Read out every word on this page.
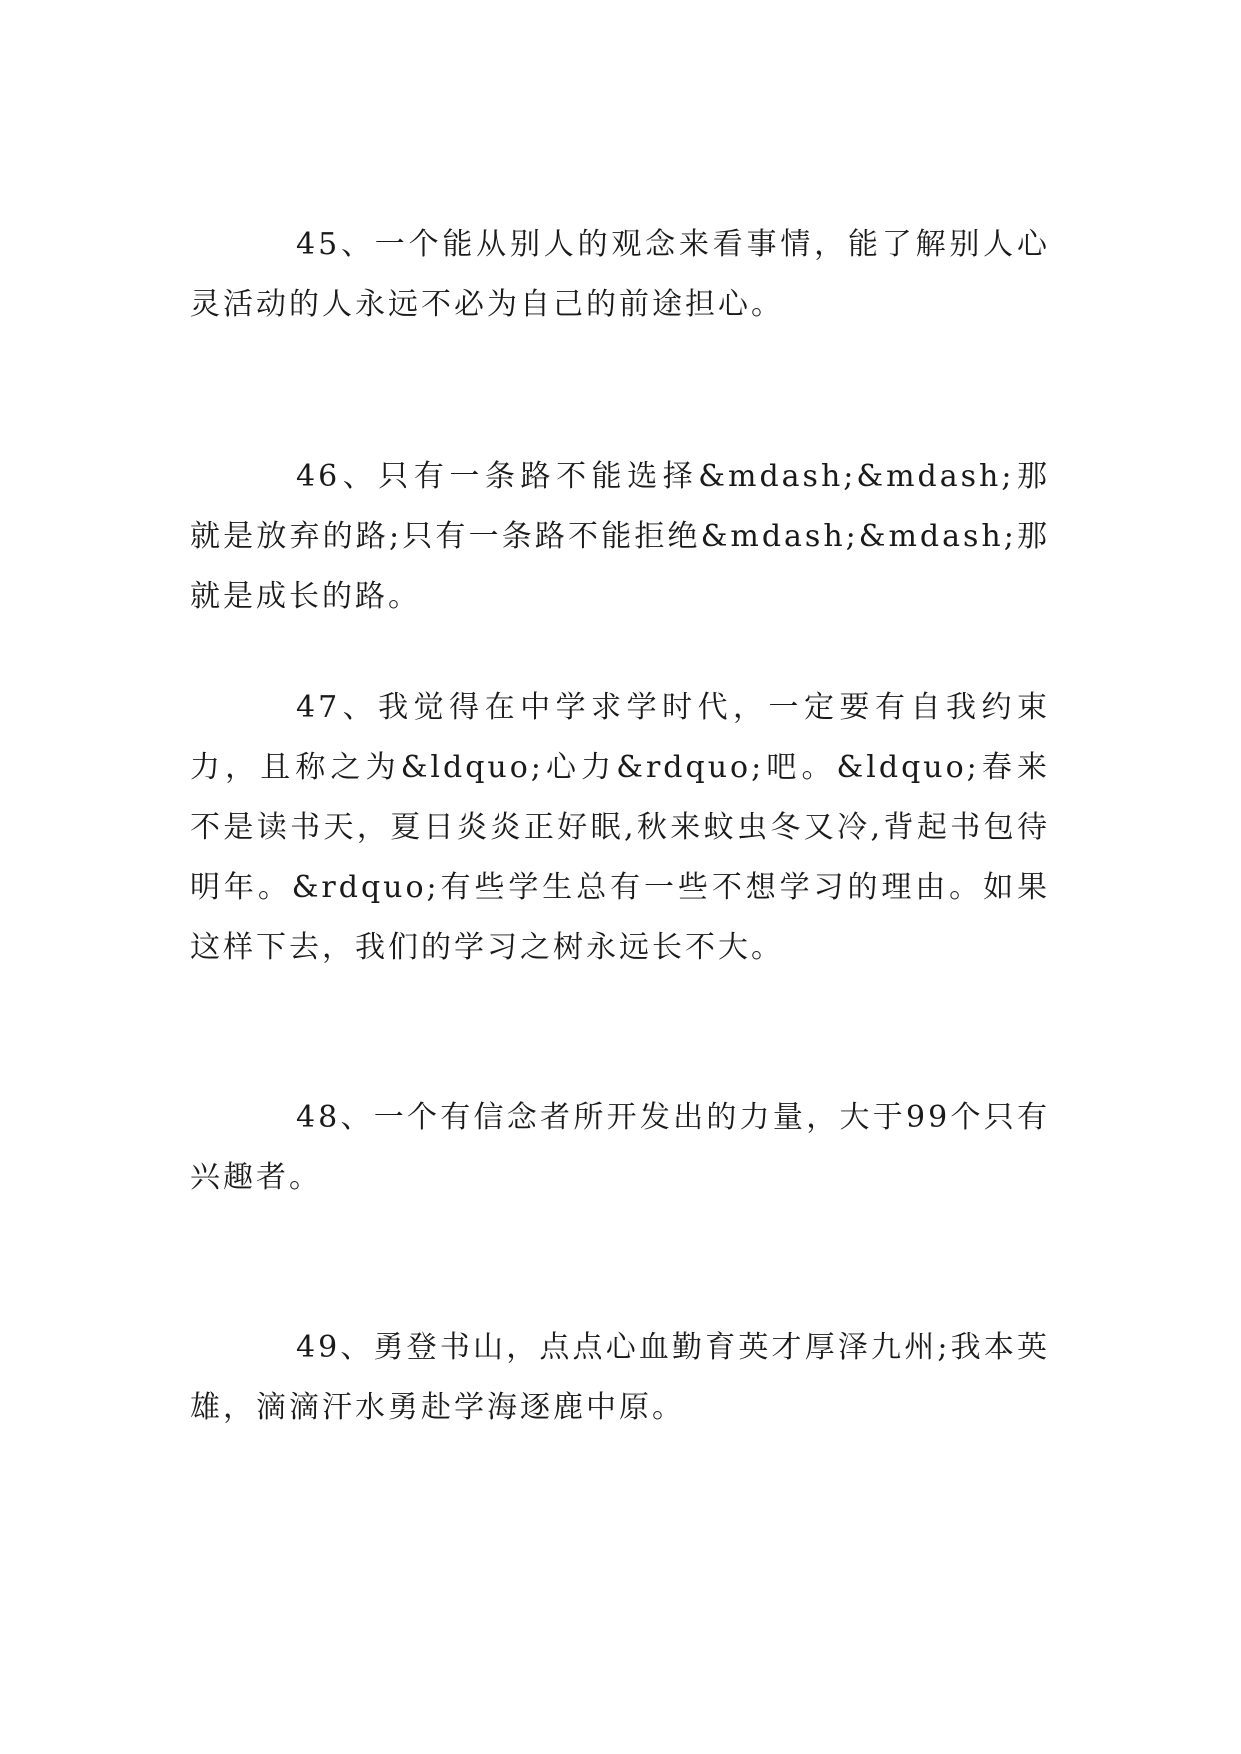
45、一个能从别人的观念来看事情，能了解别人心灵活动的人永远不必为自己的前途担心。

46、只有一条路不能选择&mdash;&mdash;那就是放弃的路;只有一条路不能拒绝&mdash;&mdash;那就是成长的路。

47、我觉得在中学求学时代，一定要有自我约束力，且称之为&ldquo;心力&rdquo;吧。&ldquo;春来不是读书天，夏日炎炎正好眠,秋来蚊虫冬又冷,背起书包待明年。&rdquo;有些学生总有一些不想学习的理由。如果这样下去，我们的学习之树永远长不大。

48、一个有信念者所开发出的力量，大于99个只有兴趣者。

49、勇登书山，点点心血勤育英才厚泽九州;我本英雄，滴滴汗水勇赴学海逐鹿中原。
